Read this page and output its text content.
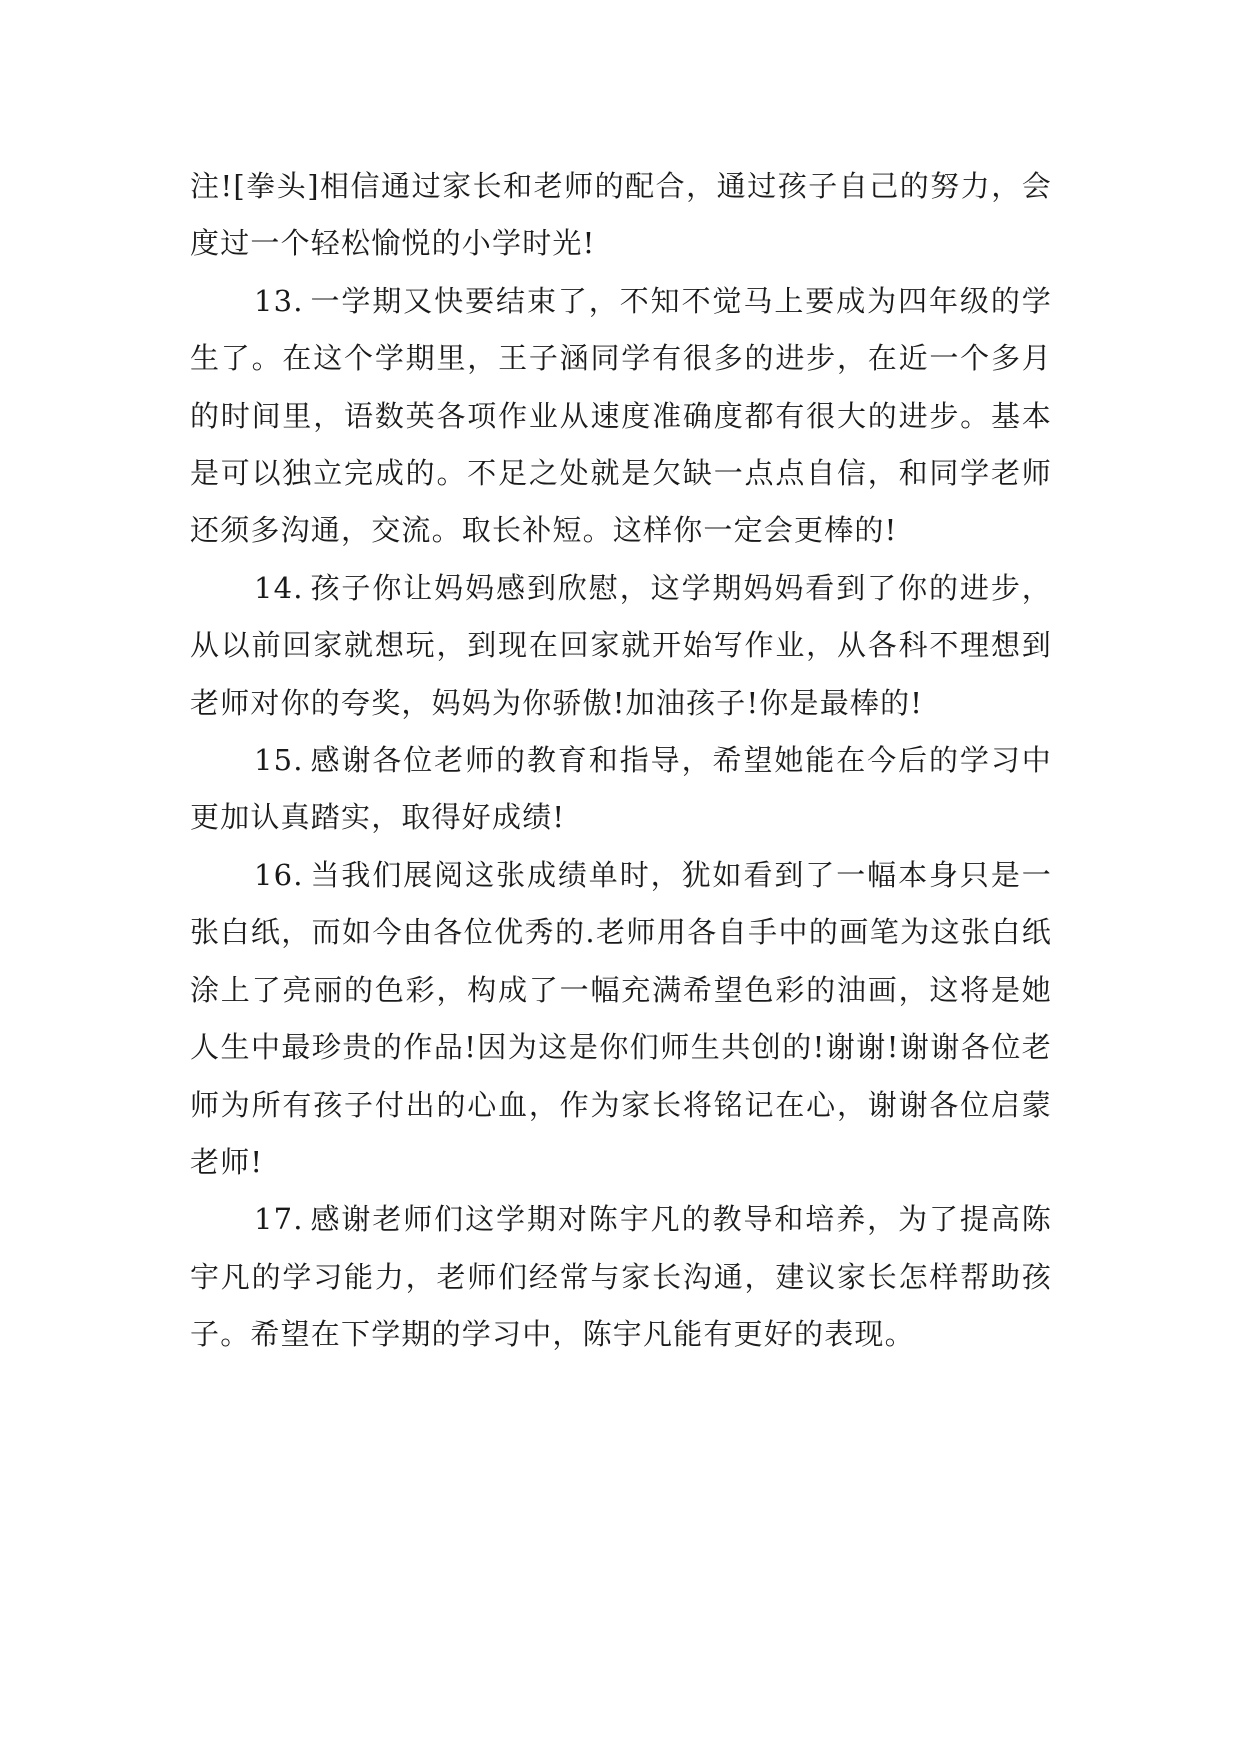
注![拳头]相信通过家长和老师的配合，通过孩子自己的努力，会度过一个轻松愉悦的小学时光!

13. 一学期又快要结束了，不知不觉马上要成为四年级的学生了。在这个学期里，王子涵同学有很多的进步，在近一个多月的时间里，语数英各项作业从速度准确度都有很大的进步。基本是可以独立完成的。不足之处就是欠缺一点点自信，和同学老师还须多沟通，交流。取长补短。这样你一定会更棒的!

14. 孩子你让妈妈感到欣慰，这学期妈妈看到了你的进步，从以前回家就想玩，到现在回家就开始写作业，从各科不理想到老师对你的夸奖，妈妈为你骄傲!加油孩子!你是最棒的!

15. 感谢各位老师的教育和指导，希望她能在今后的学习中更加认真踏实，取得好成绩!

16. 当我们展阅这张成绩单时，犹如看到了一幅本身只是一张白纸，而如今由各位优秀的.老师用各自手中的画笔为这张白纸涂上了亮丽的色彩，构成了一幅充满希望色彩的油画，这将是她人生中最珍贵的作品!因为这是你们师生共创的!谢谢!谢谢各位老师为所有孩子付出的心血，作为家长将铭记在心，谢谢各位启蒙老师!

17. 感谢老师们这学期对陈宇凡的教导和培养，为了提高陈宇凡的学习能力，老师们经常与家长沟通，建议家长怎样帮助孩子。希望在下学期的学习中，陈宇凡能有更好的表现。
